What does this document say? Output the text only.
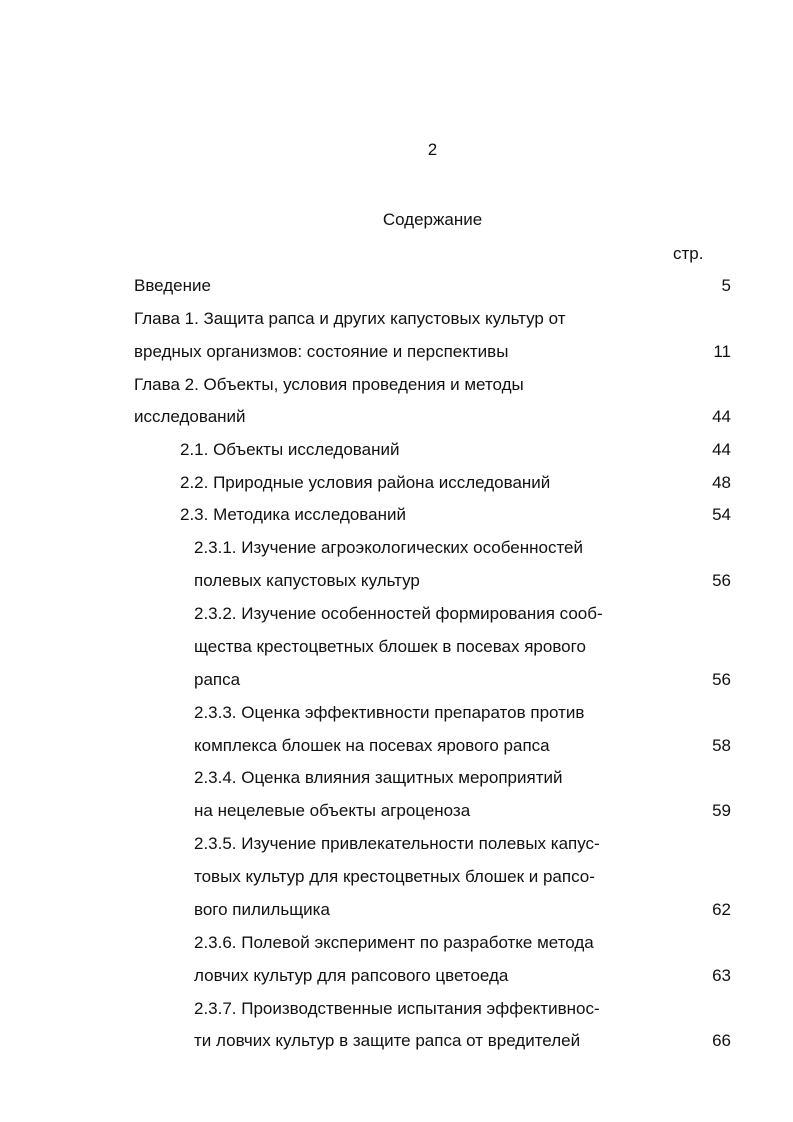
2
Содержание
стр.
Введение	5
Глава 1. Защита рапса и других капустовых культур от
вредных организмов: состояние и перспективы	11
Глава 2. Объекты, условия проведения и методы
исследований	44
2.1. Объекты исследований	44
2.2. Природные условия района исследований	48
2.3. Методика исследований	54
2.3.1. Изучение агроэкологических особенностей
полевых капустовых культур	56
2.3.2. Изучение особенностей формирования сооб-
щества крестоцветных блошек в посевах ярового
рапса	56
2.3.3. Оценка эффективности препаратов против
комплекса блошек на посевах ярового рапса	58
2.3.4. Оценка влияния защитных мероприятий
на нецелевые объекты агроценоза	59
2.3.5. Изучение привлекательности полевых капус-
товых культур для крестоцветных блошек и рапсо-
вого пилильщика	62
2.3.6. Полевой эксперимент по разработке метода
ловчих культур для рапсового цветоеда	63
2.3.7. Производственные испытания эффективнос-
ти ловчих культур в защите рапса от вредителей	66
